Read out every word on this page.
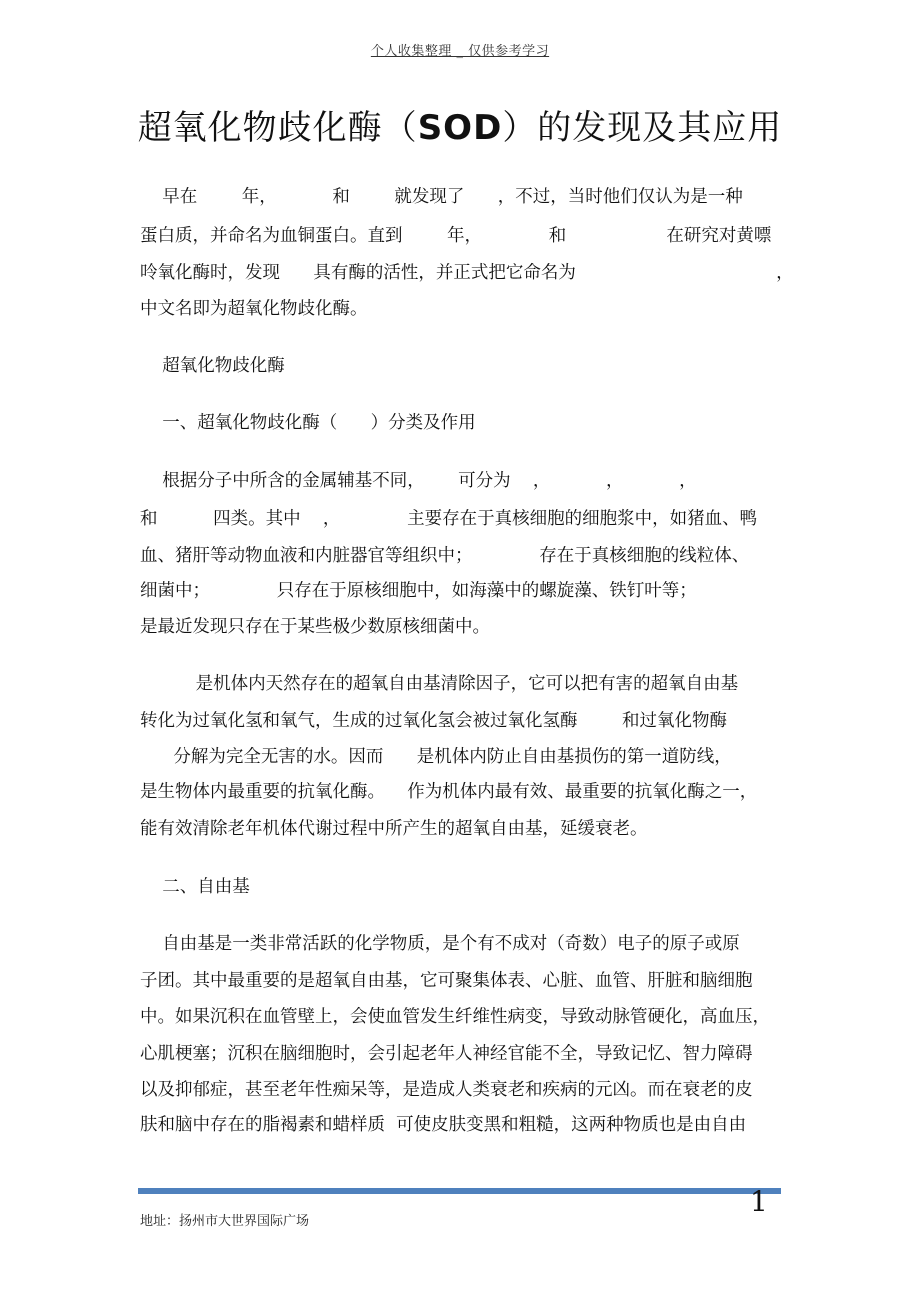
个人收集整理 _ 仅供参考学习
超氧化物歧化酶（SOD）的发现及其应用
早在        年，          和        就发现了      ，不过，当时他们仅认为是一种
蛋白质，并命名为血铜蛋白。直到        年，            和                  在研究对黄嘌
呤氧化酶时，发现      具有酶的活性，并正式把它命名为                                    ，
中文名即为超氧化物歧化酶。
超氧化物歧化酶
一、超氧化物歧化酶（      ）分类及作用
根据分子中所含的金属辅基不同，      可分为    ，          ，          ，
和          四类。其中    ，            主要存在于真核细胞的细胞浆中，如猪血、鸭
血、猪肝等动物血液和内脏器官等组织中；            存在于真核细胞的线粒体、
细菌中；            只存在于原核细胞中，如海藻中的螺旋藻、铁钉叶等；
是最近发现只存在于某些极少数原核细菌中。
是机体内天然存在的超氧自由基清除因子，它可以把有害的超氧自由基
转化为过氧化氢和氧气，生成的过氧化氢会被过氧化氢酶        和过氧化物酶
分解为完全无害的水。因而      是机体内防止自由基损伤的第一道防线，
是生物体内最重要的抗氧化酶。    作为机体内最有效、最重要的抗氧化酶之一，
能有效清除老年机体代谢过程中所产生的超氧自由基，延缓衰老。
二、自由基
自由基是一类非常活跃的化学物质，是个有不成对（奇数）电子的原子或原
子团。其中最重要的是超氧自由基，它可聚集体表、心脏、血管、肝脏和脑细胞
中。如果沉积在血管壁上，会使血管发生纤维性病变，导致动脉管硬化，高血压，
心肌梗塞；沉积在脑细胞时，会引起老年人神经官能不全，导致记忆、智力障碍
以及抑郁症，甚至老年性痴呆等，是造成人类衰老和疾病的元凶。而在衰老的皮
肤和脑中存在的脂褐素和蜡样质  可使皮肤变黑和粗糙，这两种物质也是由自由
1
地址：扬州市大世界国际广场
